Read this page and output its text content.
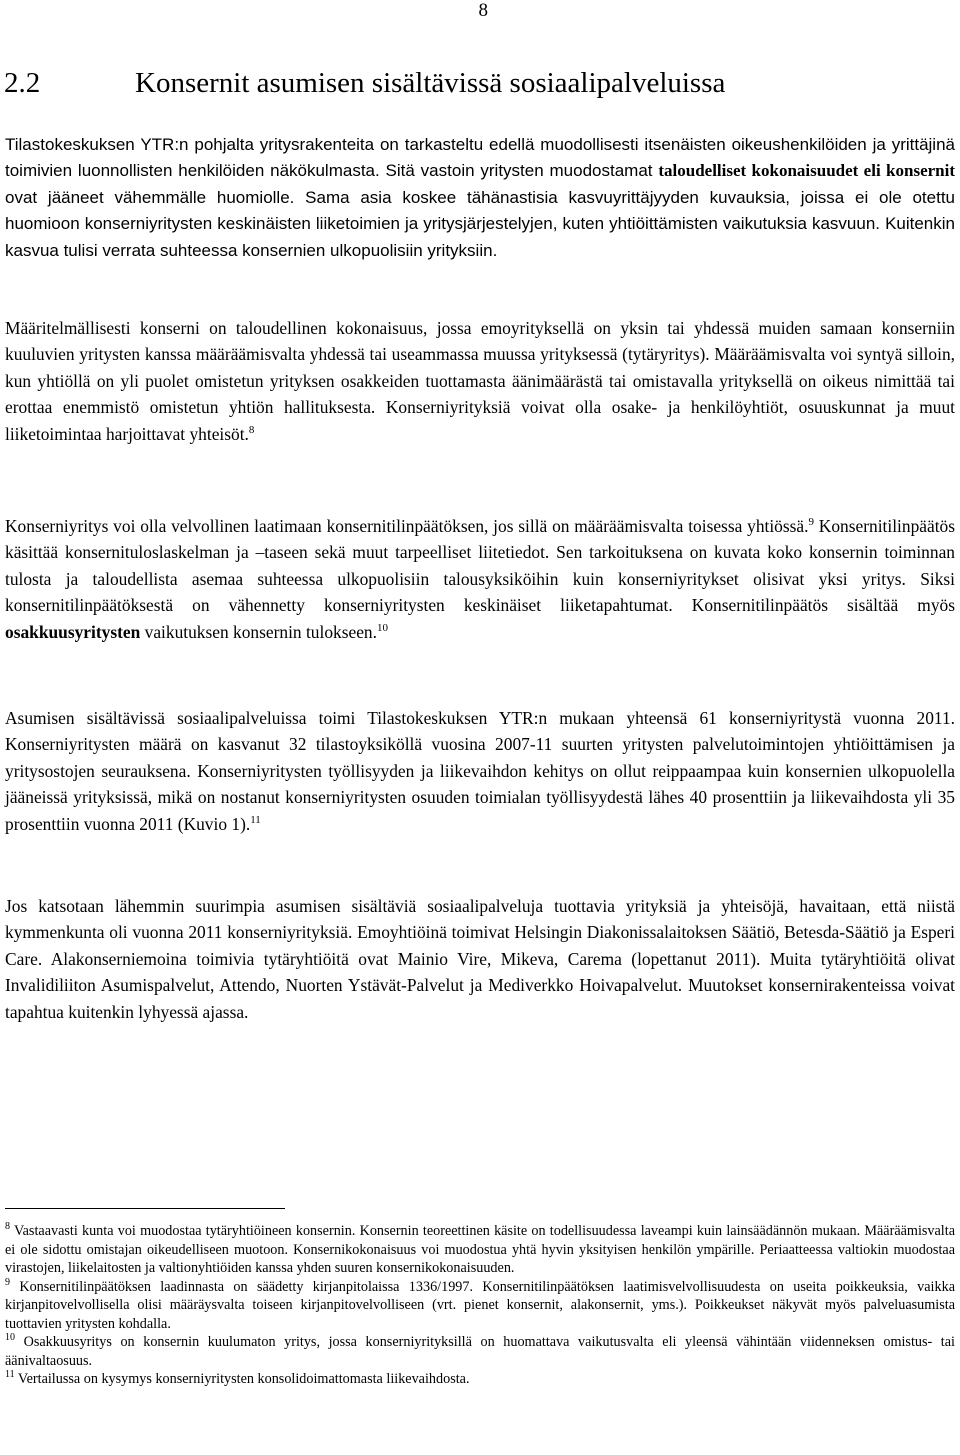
8
2.2	Konsernit asumisen sisältävissä sosiaalipalveluissa

Tilastokeskuksen YTR:n pohjalta yritysrakenteita on tarkasteltu edellä muodollisesti itsenäisten oikeushenkilöiden ja yrittäjinä toimivien luonnollisten henkilöiden näkökulmasta. Sitä vastoin yritysten muodostamat taloudelliset kokonaisuudet eli konsernit ovat jääneet vähemmälle huomiolle. Sama asia koskee tähänastisia kasvuyrittäjyyden kuvauksia, joissa ei ole otettu huomioon konserniyritysten keskinäisten liiketoimien ja yritysjärjestelyjen, kuten yhtiöittämisten vaikutuksia kasvuun. Kuitenkin kasvua tulisi verrata suhteessa konsernien ulkopuolisiin yrityksiin.

Määritelmällisesti konserni on taloudellinen kokonaisuus, jossa emoyrityksellä on yksin tai yhdessä muiden samaan konserniin kuuluvien yritysten kanssa määräämisvalta yhdessä tai useammassa muussa yrityksessä (tytäryritys). Määräämisvalta voi syntyä silloin, kun yhtiöllä on yli puolet omistetun yrityksen osakkeiden tuottamasta äänimäärästä tai omistavalla yrityksellä on oikeus nimittää tai erottaa enemmistö omistetun yhtiön hallituksesta. Konserniyrityksiä voivat olla osake- ja henkilöyhtiöt, osuuskunnat ja muut liiketoimintaa harjoittavat yhteisöt.$^8$

Konserniyritys voi olla velvollinen laatimaan konsernitilinpäätöksen, jos sillä on määräämisvalta toisessa yhtiössä.$^9$ Konsernitilinpäätös käsittää konsernituloslaskelman ja –taseen sekä muut tarpeelliset liitetiedot. Sen tarkoituksena on kuvata koko konsernin toiminnan tulosta ja taloudellista asemaa suhteessa ulkopuolisiin talousyksiköihin kuin konserniyritykset olisivat yksi yritys. Siksi konsernitilinpäätöksestä on vähennetty konserniyritysten keskinäiset liiketapahtumat. Konsernitilinpäätös sisältää myös osakkuusyritysten vaikutuksen konsernin tulokseen.$^{10}$

Asumisen sisältävissä sosiaalipalveluissa toimi Tilastokeskuksen YTR:n mukaan yhteensä 61 konserniyritystä vuonna 2011. Konserniyritysten määrä on kasvanut 32 tilastoyksiköllä vuosina 2007-11 suurten yritysten palvelutoimintojen yhtiöittämisen ja yritysostojen seurauksena. Konserniyritysten työllisyyden ja liikevaihdon kehitys on ollut reippaampaa kuin konsernien ulkopuolella jääneissä yrityksissä, mikä on nostanut konserniyritysten osuuden toimialan työllisyydestä lähes 40 prosenttiin ja liikevaihdosta yli 35 prosenttiin vuonna 2011 (Kuvio 1).$^{11}$

Jos katsotaan lähemmin suurimpia asumisen sisältäviä sosiaalipalveluja tuottavia yrityksiä ja yhteisöjä, havaitaan, että niistä kymmenkunta oli vuonna 2011 konserniyrityksiä. Emoyhtiöinä toimivat Helsingin Diakonissalaitoksen Säätiö, Betesda-Säätiö ja Esperi Care. Alakonserniemoina toimivia tytäryhtiöitä ovat Mainio Vire, Mikeva, Carema (lopettanut 2011). Muita tytäryhtiöitä olivat Invalidiliiton Asumispalvelut, Attendo, Nuorten Ystävät-Palvelut ja Mediverkko Hoivapalvelut. Muutokset konsernirakenteissa voivat tapahtua kuitenkin lyhyessä ajassa.

$^8$ Vastaavasti kunta voi muodostaa tytäryhtiöineen konsernin. Konsernin teoreettinen käsite on todellisuudessa laveampi kuin lainsäädännön mukaan. Määräämisvalta ei ole sidottu omistajan oikeudelliseen muotoon. Konsernikokonaisuus voi muodostua yhtä hyvin yksityisen henkilön ympärille. Periaatteessa valtiokin muodostaa virastojen, liikelaitosten ja valtionyhtiöiden kanssa yhden suuren konsernikokonaisuuden.

$^9$ Konsernitilinpäätöksen laadinnasta on säädetty kirjanpitolaissa 1336/1997. Konsernitilinpäätöksen laatimisvelvollisuudesta on useita poikkeuksia, vaikka kirjanpitovelvollisella olisi määräysvalta toiseen kirjanpitovelvolliseen (vrt. pienet konsernit, alakonsernit, yms.). Poikkeukset näkyvät myös palveluasumista tuottavien yritysten kohdalla.

$^{10}$ Osakkuusyritys on konsernin kuulumaton yritys, jossa konserniyrityksillä on huomattava vaikutusvalta eli yleensä vähintään viidenneksen omistus- tai äänivaltaosuus.

$^{11}$ Vertailussa on kysymys konserniyritysten konsolidoimattomasta liikevaihdosta.
